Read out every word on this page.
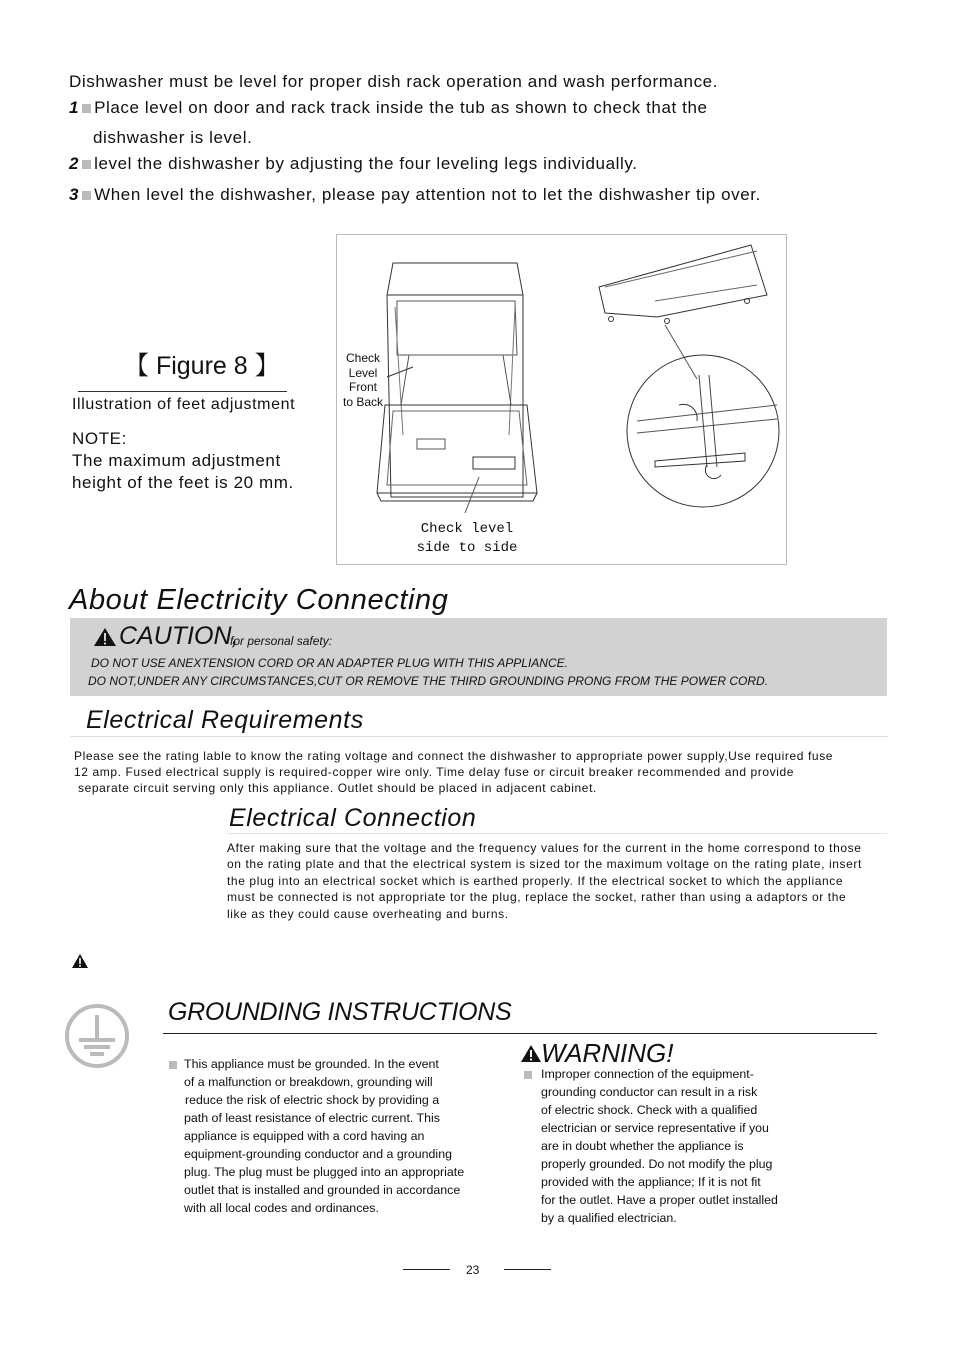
Dishwasher must be level for proper dish rack operation and wash performance.
1 Place level on door and rack track inside the tub as shown to check that the
dishwasher is level.
2 level the dishwasher by adjusting the four leveling legs individually.
3 When level the dishwasher, please pay attention not to let the dishwasher tip over.
【 Figure 8 】
Illustration of feet adjustment
NOTE:
The maximum adjustment
height of the feet is 20 mm.
Check
Level
Front
to Back
Check level
side to side
About Electricity Connecting
CAUTION,
for personal safety:
DO NOT USE ANEXTENSION CORD OR AN ADAPTER PLUG WITH THIS APPLIANCE.
DO NOT,UNDER ANY CIRCUMSTANCES,CUT OR REMOVE THE THIRD GROUNDING PRONG FROM THE POWER CORD.
Electrical Requirements
Please see the rating lable to know the rating voltage and connect the dishwasher to appropriate power supply,Use required fuse
12 amp. Fused electrical supply is required-copper wire only. Time delay fuse or circuit breaker recommended and provide
separate circuit serving only this appliance. Outlet should be placed in adjacent cabinet.
Electrical Connection
After making sure that the voltage and the frequency values for the current in the home correspond to those
on the rating plate and that the electrical system is sized tor the maximum voltage on the rating plate, insert
the plug into an electrical socket which is earthed properly. If the electrical socket to which the appliance
must be connected is not appropriate tor the plug, replace the socket, rather than using a adaptors or the
like as they could cause overheating and burns.
GROUNDING INSTRUCTIONS
This appliance must be grounded. In the event
of a malfunction or breakdown, grounding will
reduce the risk of electric shock by providing a
path of least resistance of electric current. This
appliance is equipped with a cord having an
equipment-grounding conductor and a grounding
plug. The plug must be plugged into an appropriate
outlet that is installed and grounded in accordance
with all local codes and ordinances.
WARNING!
Improper connection of the equipment-
grounding conductor can result in a risk
of electric shock. Check with a qualified
electrician or service representative if you
are in doubt whether the appliance is
properly grounded. Do not modify the plug
provided with the appliance; If it is not fit
for the outlet. Have a proper outlet installed
by a qualified electrician.
23
